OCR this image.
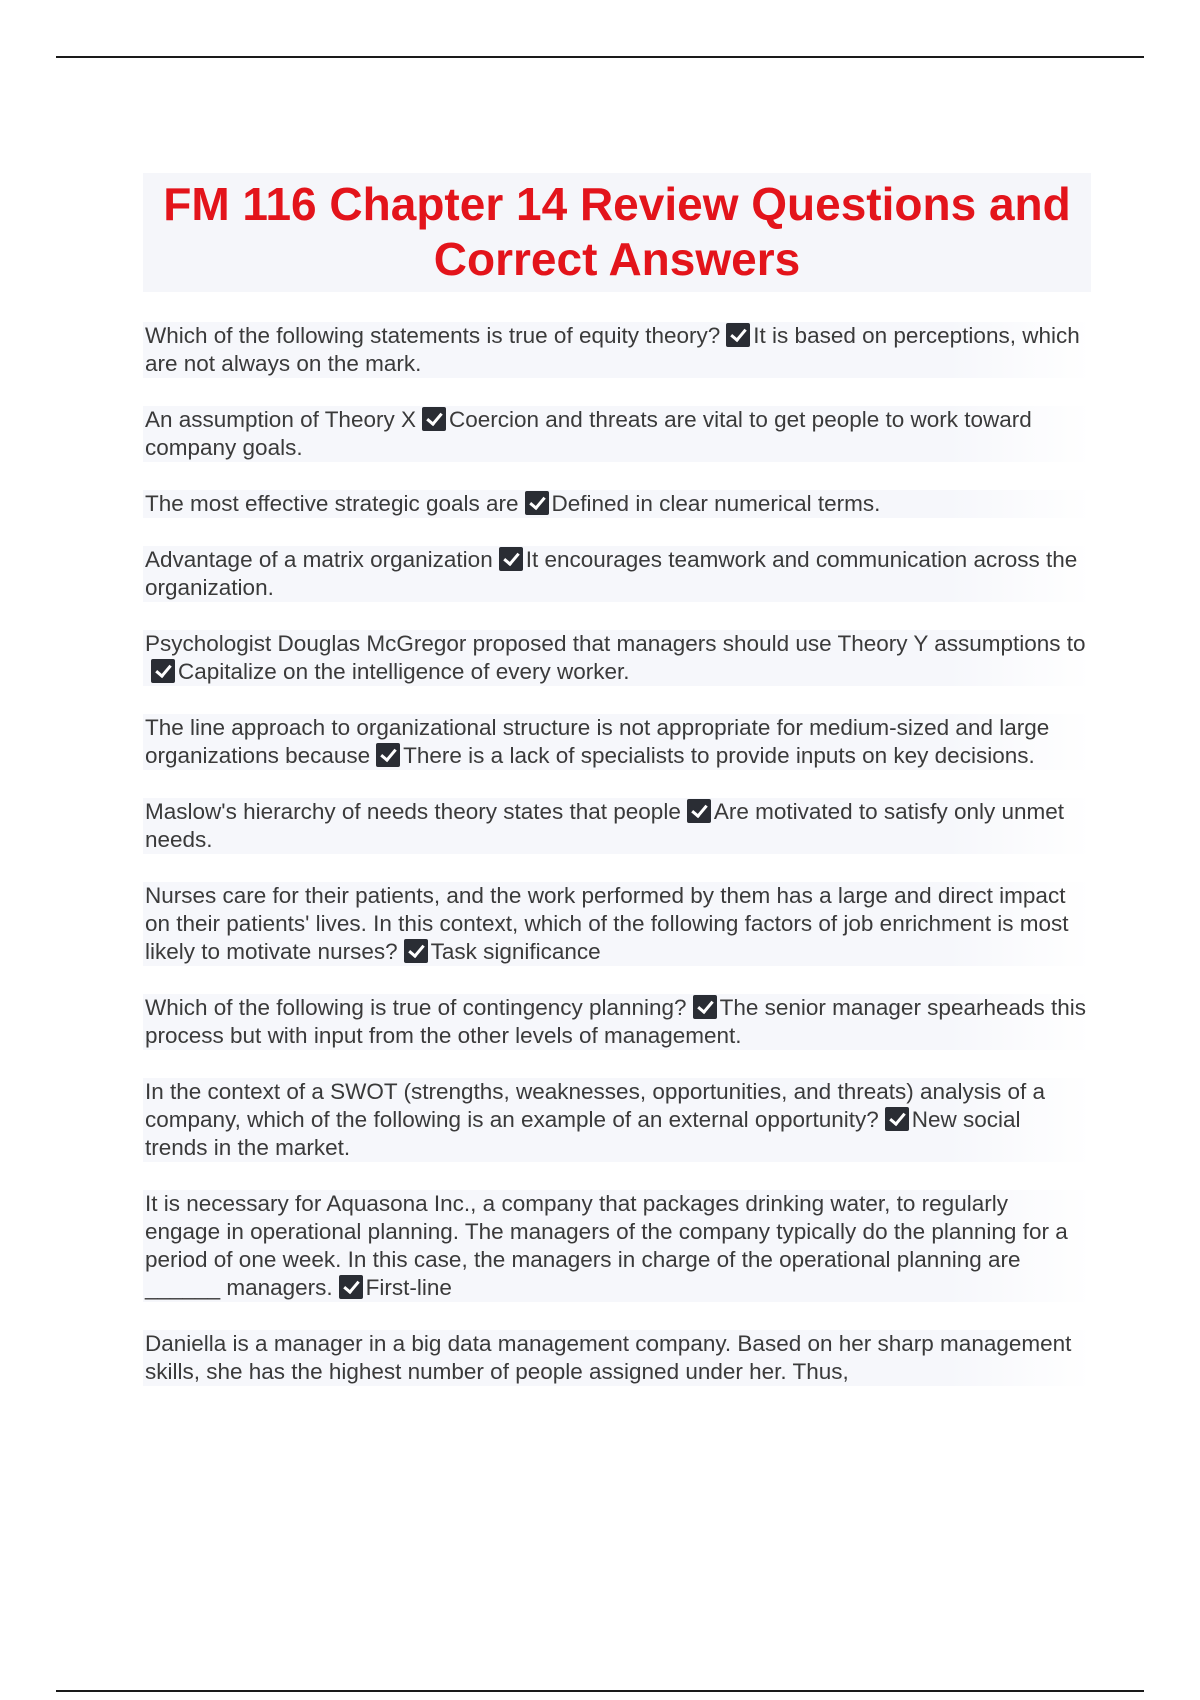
FM 116 Chapter 14 Review Questions and Correct Answers
Which of the following statements is true of equity theory? It is based on perceptions, which are not always on the mark.
An assumption of Theory X Coercion and threats are vital to get people to work toward company goals.
The most effective strategic goals are Defined in clear numerical terms.
Advantage of a matrix organization It encourages teamwork and communication across the organization.
Psychologist Douglas McGregor proposed that managers should use Theory Y assumptions toCapitalize on the intelligence of every worker.
The line approach to organizational structure is not appropriate for medium-sized and large organizations because There is a lack of specialists to provide inputs on key decisions.
Maslow's hierarchy of needs theory states that people Are motivated to satisfy only unmet needs.
Nurses care for their patients, and the work performed by them has a large and direct impact on their patients' lives. In this context, which of the following factors of job enrichment is most likely to motivate nurses? Task significance
Which of the following is true of contingency planning? The senior manager spearheads this process but with input from the other levels of management.
In the context of a SWOT (strengths, weaknesses, opportunities, and threats) analysis of a company, which of the following is an example of an external opportunity? New social trends in the market.
It is necessary for Aquasona Inc., a company that packages drinking water, to regularly engage in operational planning. The managers of the company typically do the planning for a period of one week. In this case, the managers in charge of the operational planning are ______ managers. First-line
Daniella is a manager in a big data management company. Based on her sharp management skills, she has the highest number of people assigned under her. Thus,
